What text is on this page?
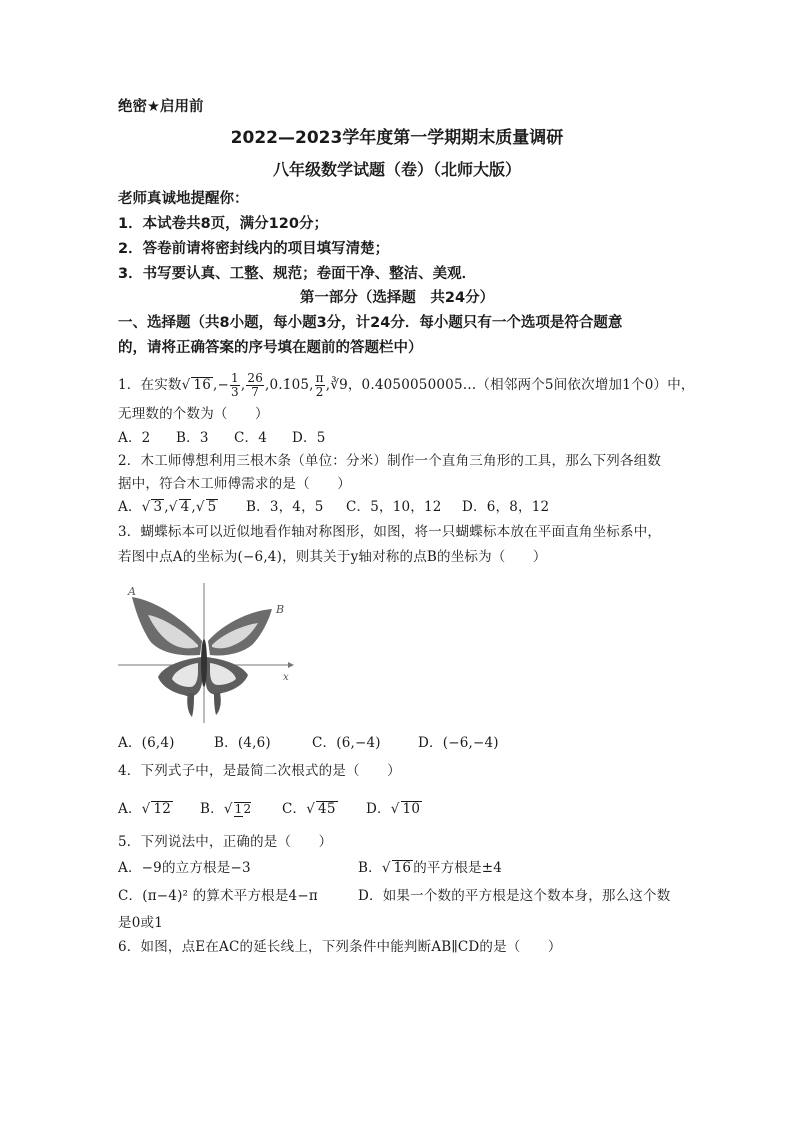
绝密★启用前
2022—2023学年度第一学期期末质量调研
八年级数学试题（卷）（北师大版）
老师真诚地提醒你：
1．本试卷共8页，满分120分；
2．答卷前请将密封线内的项目填写清楚；
3．书写要认真、工整、规范；卷面干净、整洁、美观．
第一部分（选择题　共24分）
一、选择题（共8小题，每小题3分，计24分．每小题只有一个选项是符合题意
的，请将正确答案的序号填在题前的答题栏中）
1．在实数√ 16 ,− $\frac{1}{3}$ , $\frac{26}{7}$ ,0.1̇05̇, $\frac{\pi}{2}$ ,∛9，0.4050050005…（相邻两个5间依次增加1个0）中，
无理数的个数为（　　）
A．2 B．3 C．4 D．5
2．木工师傅想利用三根木条（单位：分米）制作一个直角三角形的工具，那么下列各组数
据中，符合木工师傅需求的是（　　）
A．√ 3 ,√ 4 ,√ 5 B．3，4，5 C．5，10，12 D．6，8，12
3．蝴蝶标本可以近似地看作轴对称图形，如图，将一只蝴蝶标本放在平面直角坐标系中，
若图中点A的坐标为(−6,4)，则其关于y轴对称的点B的坐标为（　　）
A
B
x
A．(6,4)	B．(4,6)	C．(6,−4)	D．(−6,−4)
4．下列式子中，是最简二次根式的是（　　）
A．√ 12 B．√ 12 C．√ 45 D．√ 10
5．下列说法中，正确的是（　　）
A．−9的立方根是−3	B．√ 16 的平方根是±4
C．(π−4)² 的算术平方根是4−π	D．如果一个数的平方根是这个数本身，那么这个数
是0或1
6．如图，点E在AC的延长线上，下列条件中能判断AB∥CD的是（　　）
